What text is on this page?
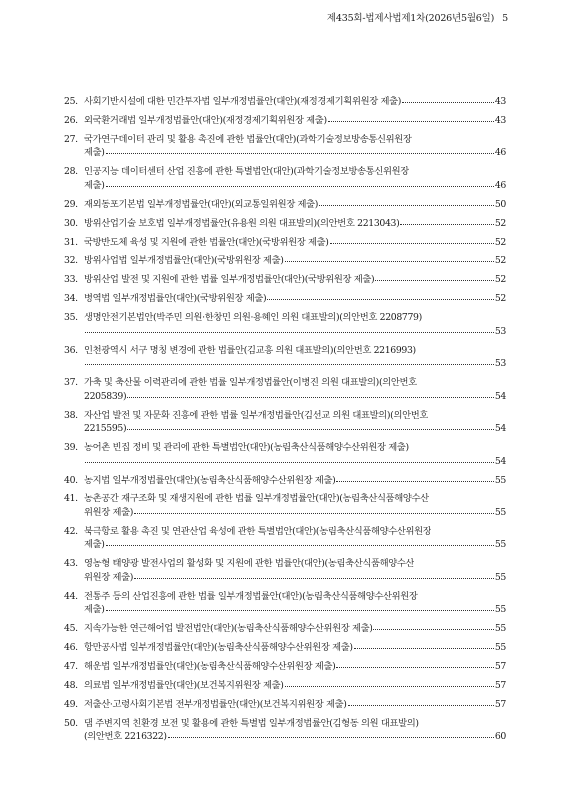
제435회-법제사법제1차(2026년5월6일) 5
25. 사회기반시설에 대한 민간투자법 일부개정법률안(대안)(재정경제기획위원장 제출)	43
26. 외국환거래법 일부개정법률안(대안)(재정경제기획위원장 제출)	43
27. 국가연구데이터 관리 및 활용 촉진에 관한 법률안(대안)(과학기술정보방송통신위원장
제출)	46
28. 인공지능 데이터센터 산업 진흥에 관한 특별법안(대안)(과학기술정보방송통신위원장
제출)	46
29. 재외동포기본법 일부개정법률안(대안)(외교통일위원장 제출)	50
30. 방위산업기술 보호법 일부개정법률안(유용원 의원 대표발의)(의안번호 2213043)	52
31. 국방반도체 육성 및 지원에 관한 법률안(대안)(국방위원장 제출)	52
32. 방위사업법 일부개정법률안(대안)(국방위원장 제출)	52
33. 방위산업 발전 및 지원에 관한 법률 일부개정법률안(대안)(국방위원장 제출)	52
34. 병역법 일부개정법률안(대안)(국방위원장 제출)	52
35. 생명안전기본법안(박주민 의원·한창민 의원·용혜인 의원 대표발의)(의안번호 2208779)
53
36. 인천광역시 서구 명칭 변경에 관한 법률안(김교흥 의원 대표발의)(의안번호 2216993)
53
37. 가축 및 축산물 이력관리에 관한 법률 일부개정법률안(이병진 의원 대표발의)(의안번호
2205839)	54
38. 자산업 발전 및 자문화 진흥에 관한 법률 일부개정법률안(김선교 의원 대표발의)(의안번호
2215595)	54
39. 농어촌 빈집 정비 및 관리에 관한 특별법안(대안)(농림축산식품해양수산위원장 제출)
54
40. 농지법 일부개정법률안(대안)(농림축산식품해양수산위원장 제출)	55
41. 농촌공간 재구조화 및 재생지원에 관한 법률 일부개정법률안(대안)(농림축산식품해양수산
위원장 제출)	55
42. 북극항로 활용 촉진 및 연관산업 육성에 관한 특별법안(대안)(농림축산식품해양수산위원장
제출)	55
43. 영농형 태양광 발전사업의 활성화 및 지원에 관한 법률안(대안)(농림축산식품해양수산
위원장 제출)	55
44. 전통주 등의 산업진흥에 관한 법률 일부개정법률안(대안)(농림축산식품해양수산위원장
제출)	55
45. 지속가능한 연근해어업 발전법안(대안)(농림축산식품해양수산위원장 제출)	55
46. 항만공사법 일부개정법률안(대안)(농림축산식품해양수산위원장 제출)	55
47. 해운법 일부개정법률안(대안)(농림축산식품해양수산위원장 제출)	57
48. 의료법 일부개정법률안(대안)(보건복지위원장 제출)	57
49. 저출산·고령사회기본법 전부개정법률안(대안)(보건복지위원장 제출)	57
50. 댐 주변지역 친환경 보전 및 활용에 관한 특별법 일부개정법률안(김형동 의원 대표발의)
(의안번호 2216322)	60
